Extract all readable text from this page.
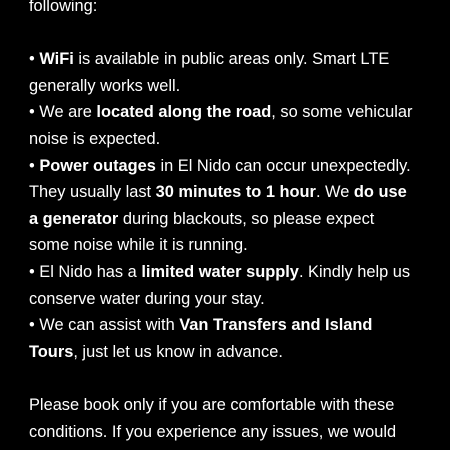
following:
• WiFi is available in public areas only. Smart LTE
generally works well.
• We are located along the road, so some vehicular
noise is expected.
• Power outages in El Nido can occur unexpectedly.
They usually last 30 minutes to 1 hour. We do use
a generator during blackouts, so please expect
some noise while it is running.
• El Nido has a limited water supply. Kindly help us
conserve water during your stay.
• We can assist with Van Transfers and Island
Tours, just let us know in advance.
Please book only if you are comfortable with these
conditions. If you experience any issues, we would
